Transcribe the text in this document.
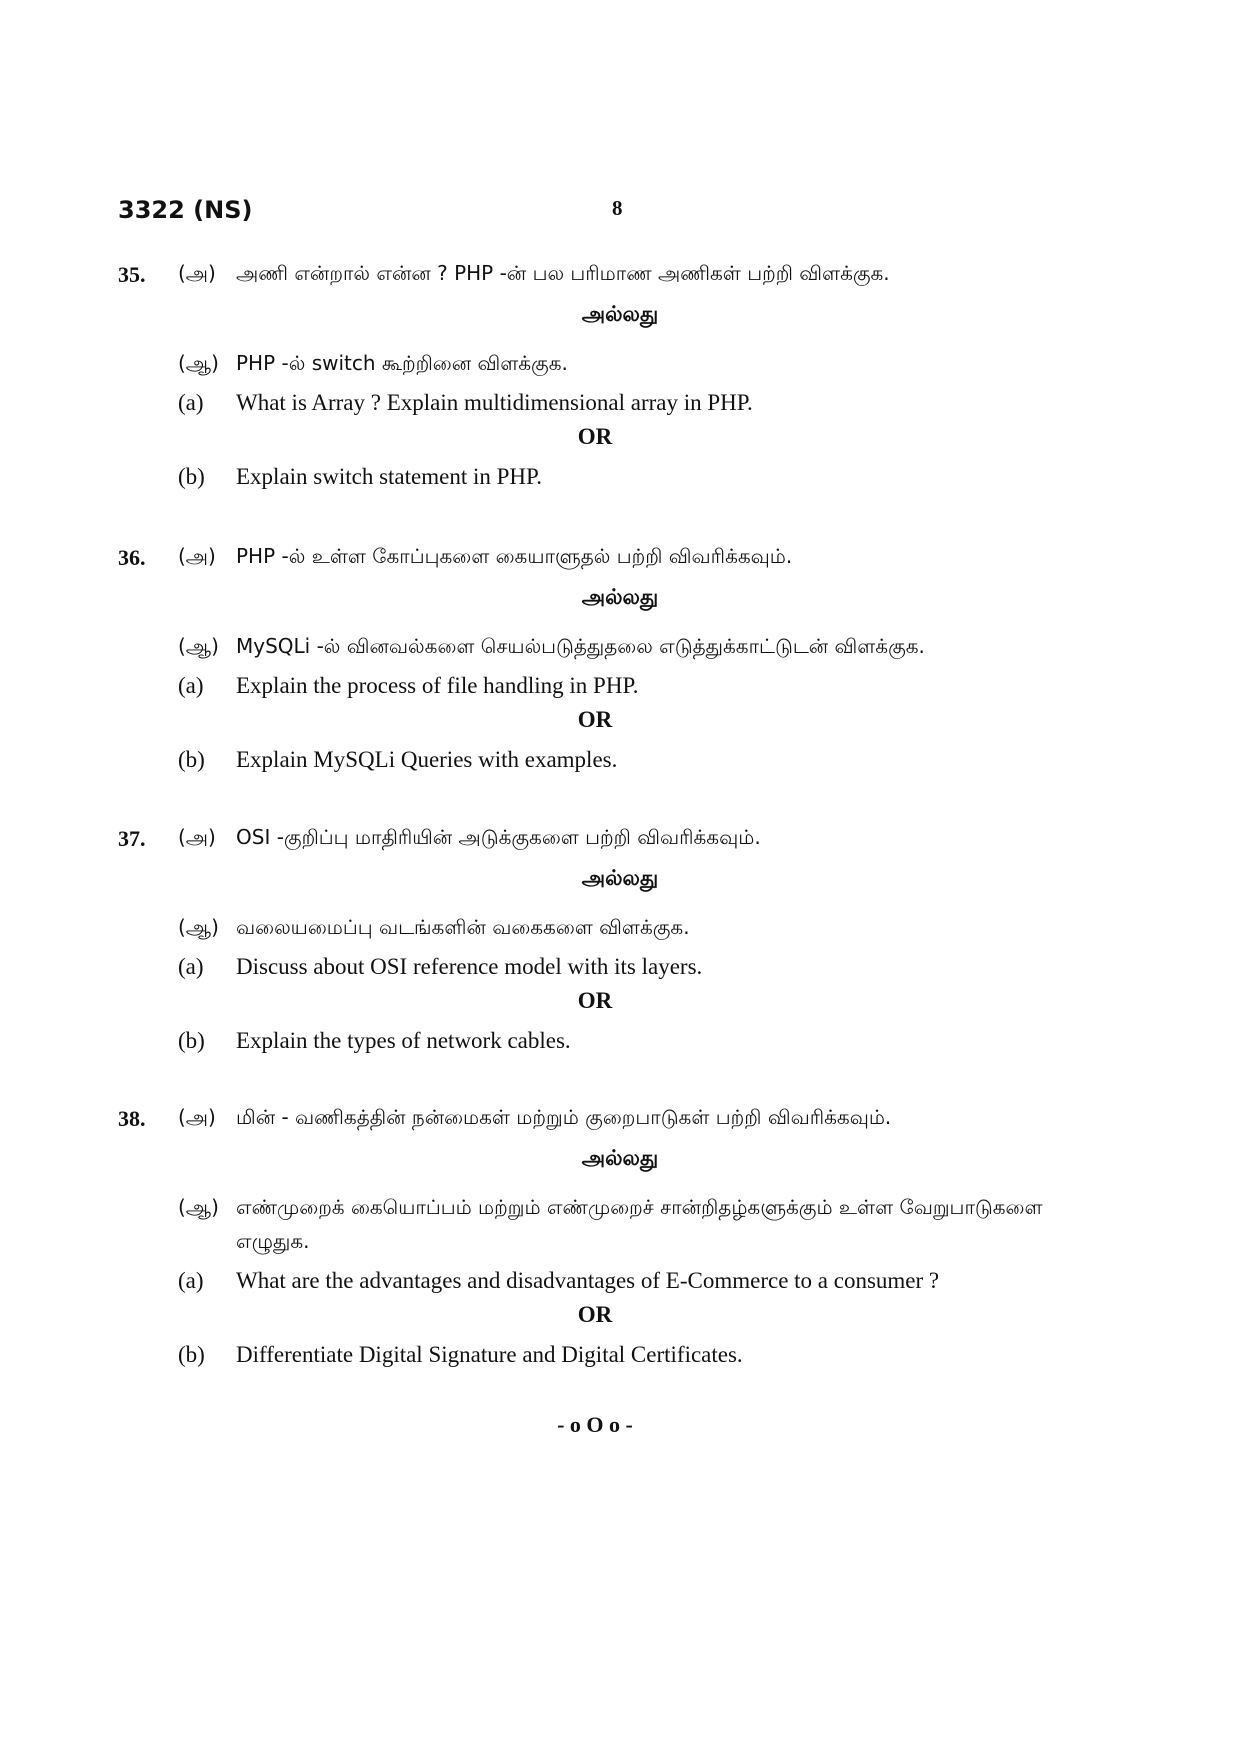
3322 (NS)	8
35. (அ) அணி என்றால் என்ன ? PHP -ன் பல பரிமாண அணிகள் பற்றி விளக்குக.
அல்லது
(ஆ) PHP -ல் switch கூற்றினை விளக்குக.
(a) What is Array ? Explain multidimensional array in PHP.
OR
(b) Explain switch statement in PHP.
36. (அ) PHP -ல் உள்ள கோப்புகளை கையாளுதல் பற்றி விவரிக்கவும்.
அல்லது
(ஆ) MySQLi -ல் வினவல்களை செயல்படுத்துதலை எடுத்துக்காட்டுடன் விளக்குக.
(a) Explain the process of file handling in PHP.
OR
(b) Explain MySQLi Queries with examples.
37. (அ) OSI -குறிப்பு மாதிரியின் அடுக்குகளை பற்றி விவரிக்கவும்.
அல்லது
(ஆ) வலையமைப்பு வடங்களின் வகைகளை விளக்குக.
(a) Discuss about OSI reference model with its layers.
OR
(b) Explain the types of network cables.
38. (அ) மின் - வணிகத்தின் நன்மைகள் மற்றும் குறைபாடுகள் பற்றி விவரிக்கவும்.
அல்லது
(ஆ) எண்முறைக் கையொப்பம் மற்றும் எண்முறைச் சான்றிதழ்களுக்கும் உள்ள வேறுபாடுகளை எழுதுக.
(a) What are the advantages and disadvantages of E-Commerce to a consumer ?
OR
(b) Differentiate Digital Signature and Digital Certificates.
- o O o -
